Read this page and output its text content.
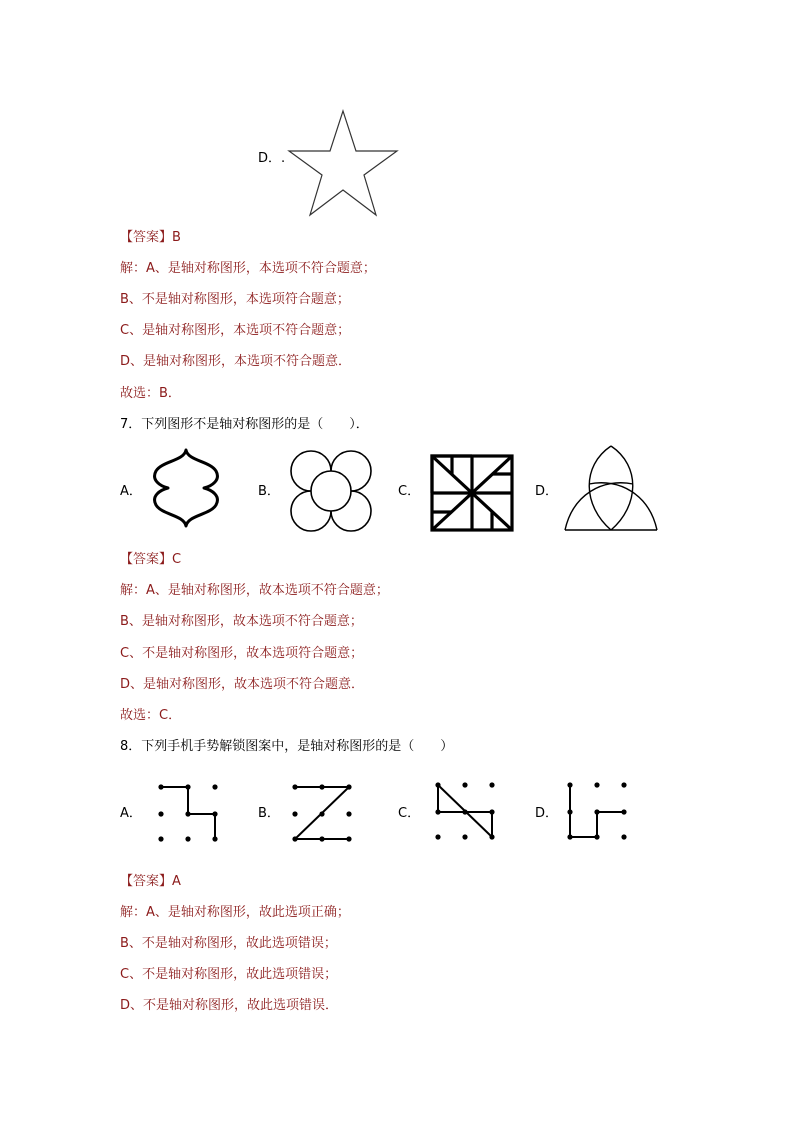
D．.
【答案】B
解：A、是轴对称图形，本选项不符合题意；
B、不是轴对称图形，本选项符合题意；
C、是轴对称图形，本选项不符合题意；
D、是轴对称图形，本选项不符合题意．
故选：B．
7．下列图形不是轴对称图形的是（　　）．
A．	B．	C．	D．
【答案】C
解：A、是轴对称图形，故本选项不符合题意；
B、是轴对称图形，故本选项不符合题意；
C、不是轴对称图形，故本选项符合题意；
D、是轴对称图形，故本选项不符合题意．
故选：C．
8．下列手机手势解锁图案中，是轴对称图形的是（　　）
A．	B．	C．	D．
【答案】A
解：A、是轴对称图形，故此选项正确；
B、不是轴对称图形，故此选项错误；
C、不是轴对称图形，故此选项错误；
D、不是轴对称图形，故此选项错误．
